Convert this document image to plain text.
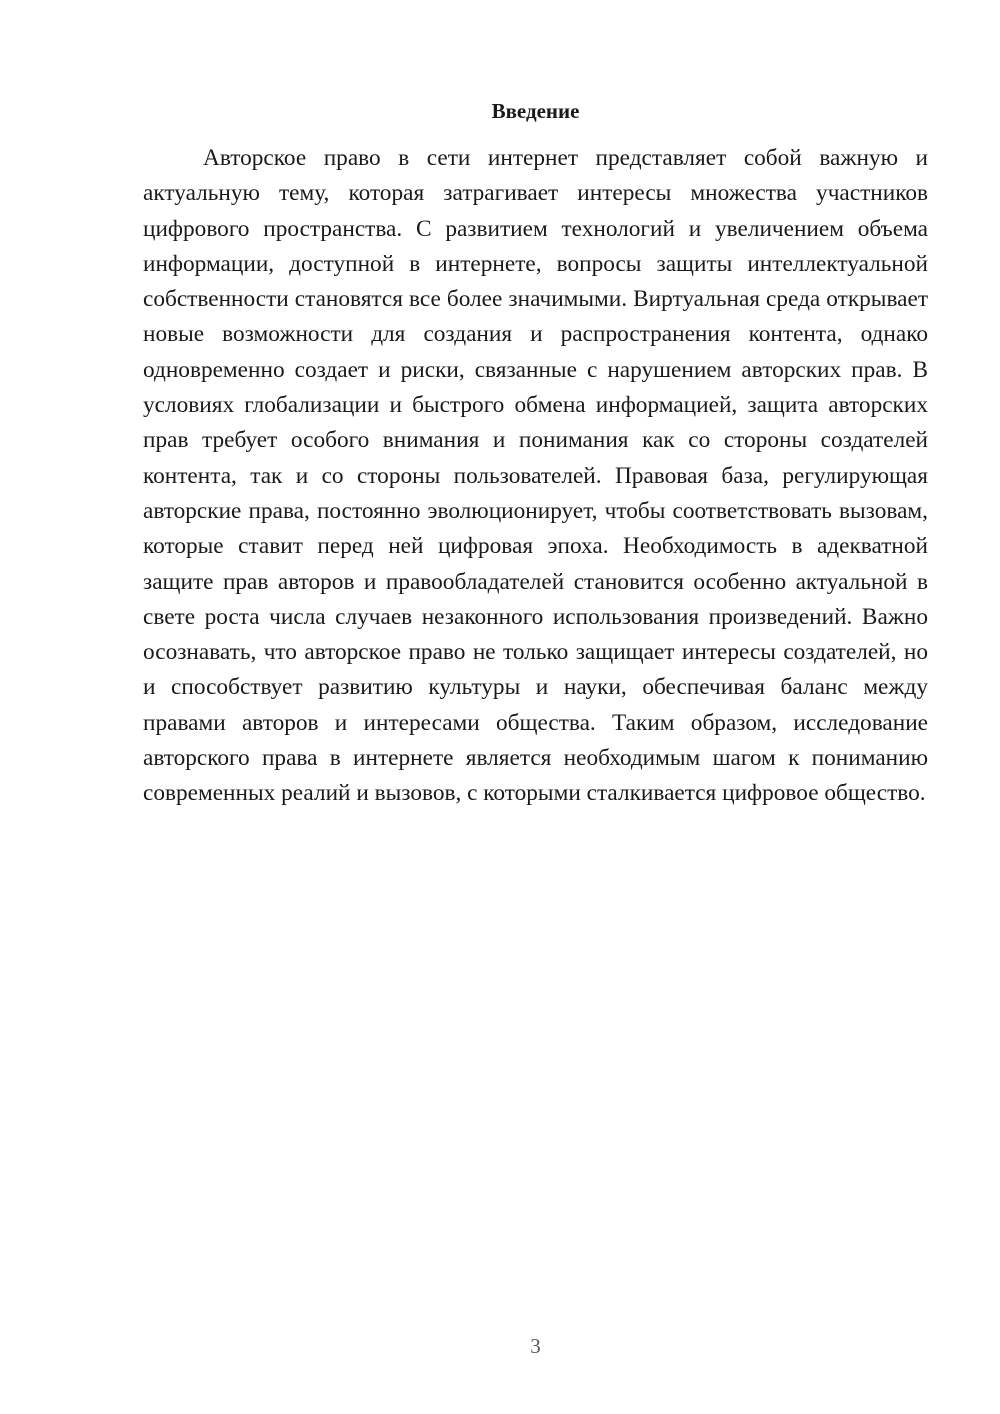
Введение

Авторское право в сети интернет представляет собой важную и актуальную тему, которая затрагивает интересы множества участников цифрового пространства. С развитием технологий и увеличением объема информации, доступной в интернете, вопросы защиты интеллектуальной собственности становятся все более значимыми. Виртуальная среда открывает новые возможности для создания и распространения контента, однако одновременно создает и риски, связанные с нарушением авторских прав. В условиях глобализации и быстрого обмена информацией, защита авторских прав требует особого внимания и понимания как со стороны создателей контента, так и со стороны пользователей. Правовая база, регулирующая авторские права, постоянно эволюционирует, чтобы соответствовать вызовам, которые ставит перед ней цифровая эпоха. Необходимость в адекватной защите прав авторов и правообладателей становится особенно актуальной в свете роста числа случаев незаконного использования произведений. Важно осознавать, что авторское право не только защищает интересы создателей, но и способствует развитию культуры и науки, обеспечивая баланс между правами авторов и интересами общества. Таким образом, исследование авторского права в интернете является необходимым шагом к пониманию современных реалий и вызовов, с которыми сталкивается цифровое общество.

3
